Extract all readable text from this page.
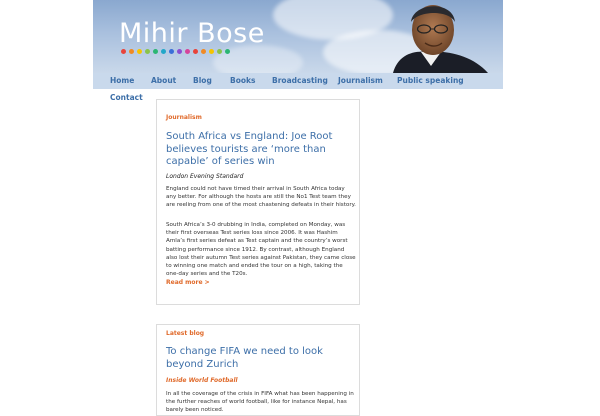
Mihir Bose
Home About Blog Books Broadcasting Journalism Public speaking
Contact
Journalism
South Africa vs England: Joe Root believes tourists are ‘more than capable’ of series win
London Evening Standard
England could not have timed their arrival in South Africa today any better. For although the hosts are still the No1 Test team they are reeling from one of the most chastening defeats in their history.
South Africa’s 3-0 drubbing in India, completed on Monday, was their first overseas Test series loss since 2006. It was Hashim Amla’s first series defeat as Test captain and the country’s worst batting performance since 1912. By contrast, although England also lost their autumn Test series against Pakistan, they came close to winning one match and ended the tour on a high, taking the one-day series and the T20s.
Read more >
Latest blog
To change FIFA we need to look beyond Zurich
Inside World Football
In all the coverage of the crisis in FIFA what has been happening in the further reaches of world football, like for instance Nepal, has barely been noticed.
